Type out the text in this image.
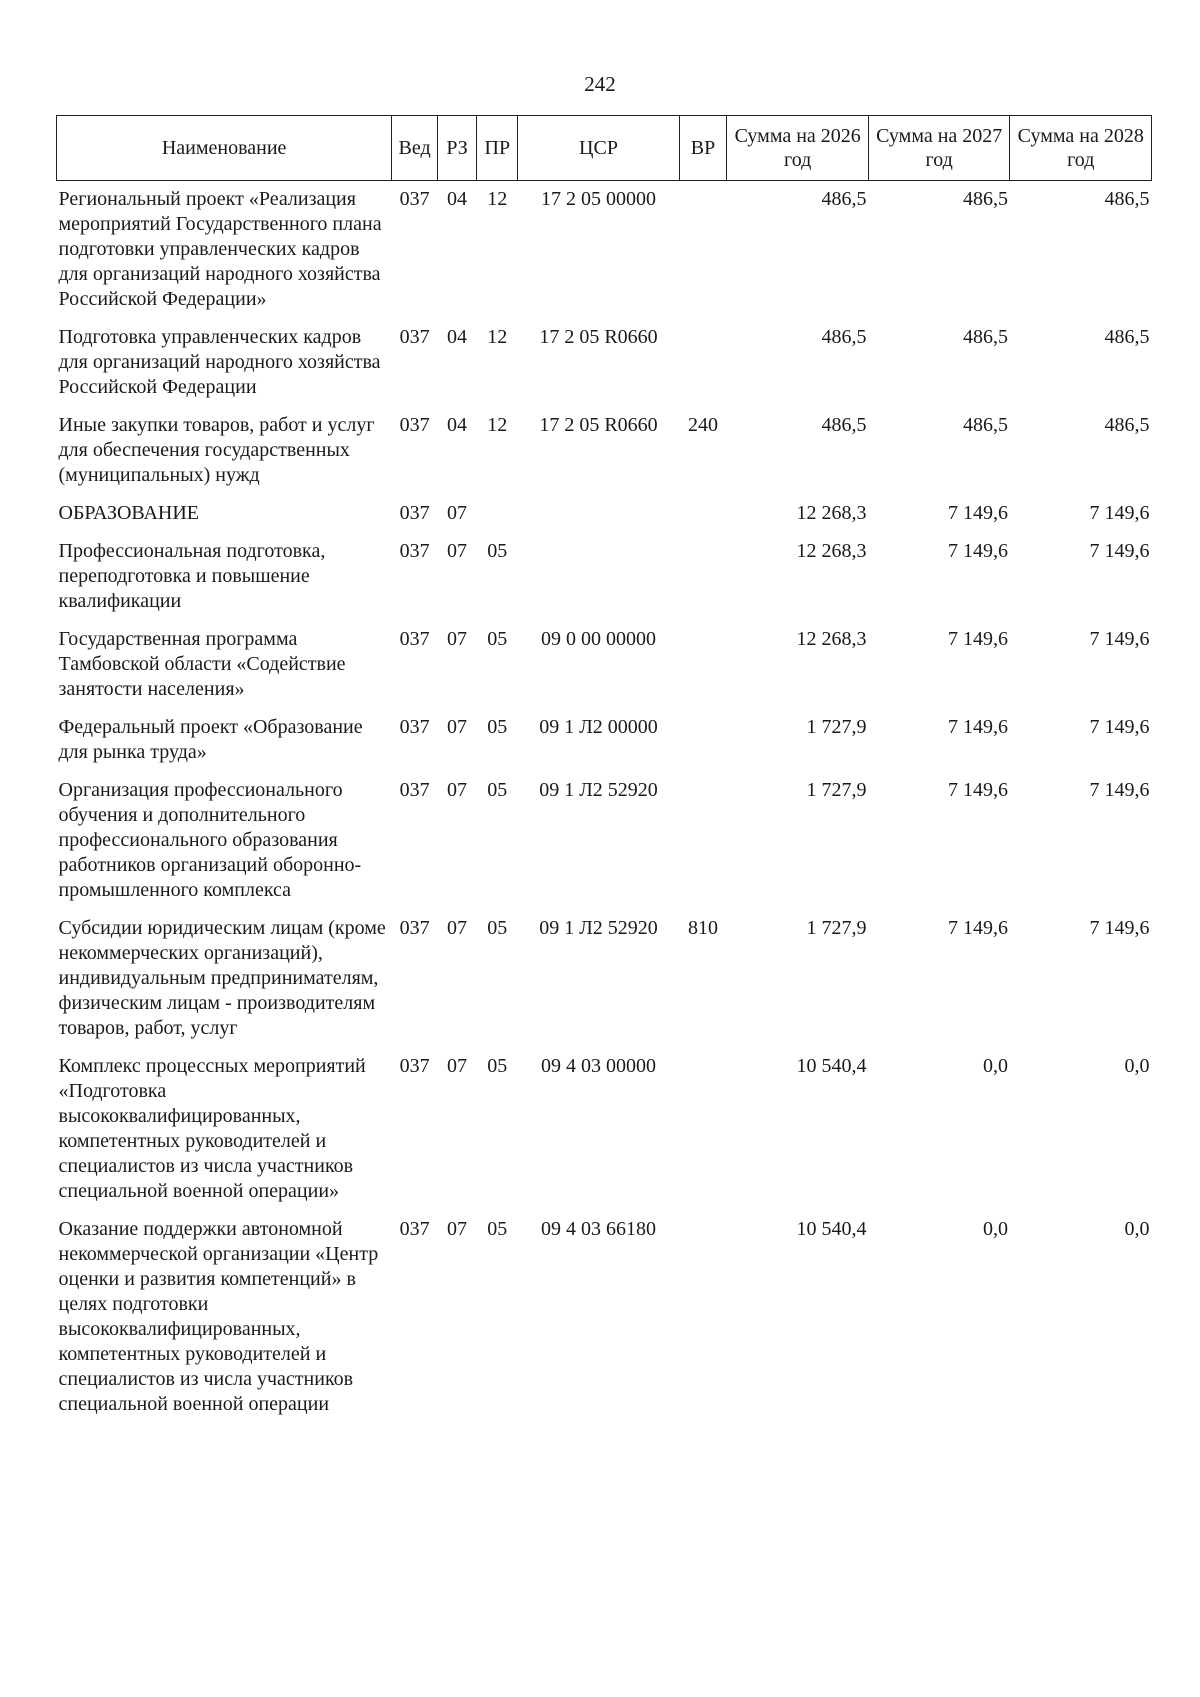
242
Наименование	Вед	РЗ	ПР	ЦСР	ВР	Сумма на 2026 год	Сумма на 2027 год	Сумма на 2028 год
Региональный проект «Реализация мероприятий Государственного плана подготовки управленческих кадров для организаций народного хозяйства Российской Федерации»	037	04	12	17 2 05 00000		486,5	486,5	486,5
Подготовка управленческих кадров для организаций народного хозяйства Российской Федерации	037	04	12	17 2 05 R0660		486,5	486,5	486,5
Иные закупки товаров, работ и услуг для обеспечения государственных (муниципальных) нужд	037	04	12	17 2 05 R0660	240	486,5	486,5	486,5
ОБРАЗОВАНИЕ	037	07				12 268,3	7 149,6	7 149,6
Профессиональная подготовка, переподготовка и повышение квалификации	037	07	05			12 268,3	7 149,6	7 149,6
Государственная программа Тамбовской области «Содействие занятости населения»	037	07	05	09 0 00 00000		12 268,3	7 149,6	7 149,6
Федеральный проект «Образование для рынка труда»	037	07	05	09 1 Л2 00000		1 727,9	7 149,6	7 149,6
Организация профессионального обучения и дополнительного профессионального образования работников организаций оборонно-промышленного комплекса	037	07	05	09 1 Л2 52920		1 727,9	7 149,6	7 149,6
Субсидии юридическим лицам (кроме некоммерческих организаций), индивидуальным предпринимателям, физическим лицам - производителям товаров, работ, услуг	037	07	05	09 1 Л2 52920	810	1 727,9	7 149,6	7 149,6
Комплекс процессных мероприятий «Подготовка высококвалифицированных, компетентных руководителей и специалистов из числа участников специальной военной операции»	037	07	05	09 4 03 00000		10 540,4	0,0	0,0
Оказание поддержки автономной некоммерческой организации «Центр оценки и развития компетенций» в целях подготовки высококвалифицированных, компетентных руководителей и специалистов из числа участников специальной военной операции	037	07	05	09 4 03 66180		10 540,4	0,0	0,0
